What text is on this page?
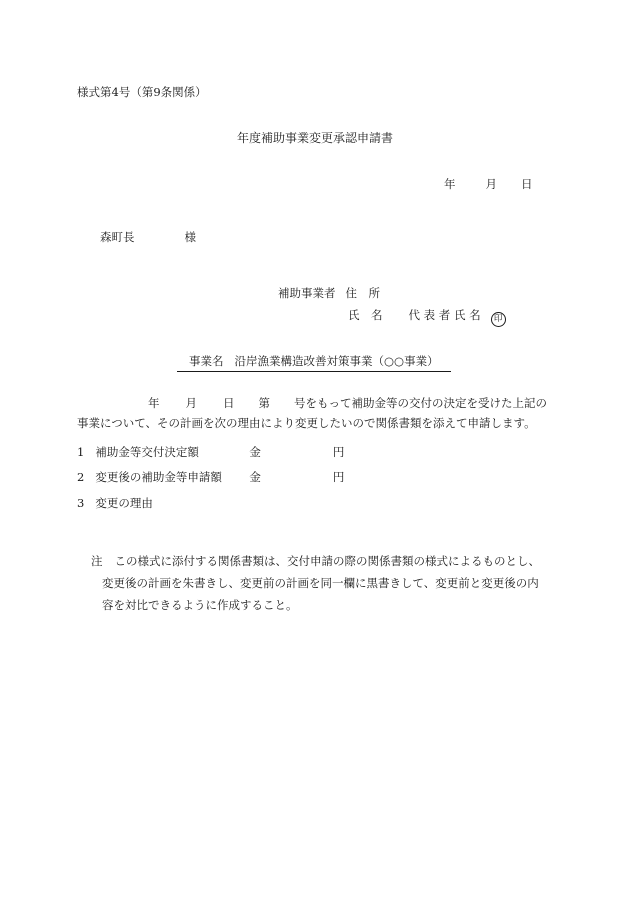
様式第4号（第9条関係）
年度補助事業変更承認申請書
年	月 日
森町長	様
補助事業者 住　所
氏　名 代 表 者 氏 名 印
事業名 沿岸漁業構造改善対策事業（○○事業）
年 月 日 第 号をもって補助金等の交付の決定を受けた上記の
事業について、その計画を次の理由により変更したいので関係書類を添えて申請します。
1 補助金等交付決定額	金	円
2 変更後の補助金等申請額 金	円
3 変更の理由
注 この様式に添付する関係書類は、交付申請の際の関係書類の様式によるものとし、
変更後の計画を朱書きし、変更前の計画を同一欄に黒書きして、変更前と変更後の内
容を対比できるように作成すること。
